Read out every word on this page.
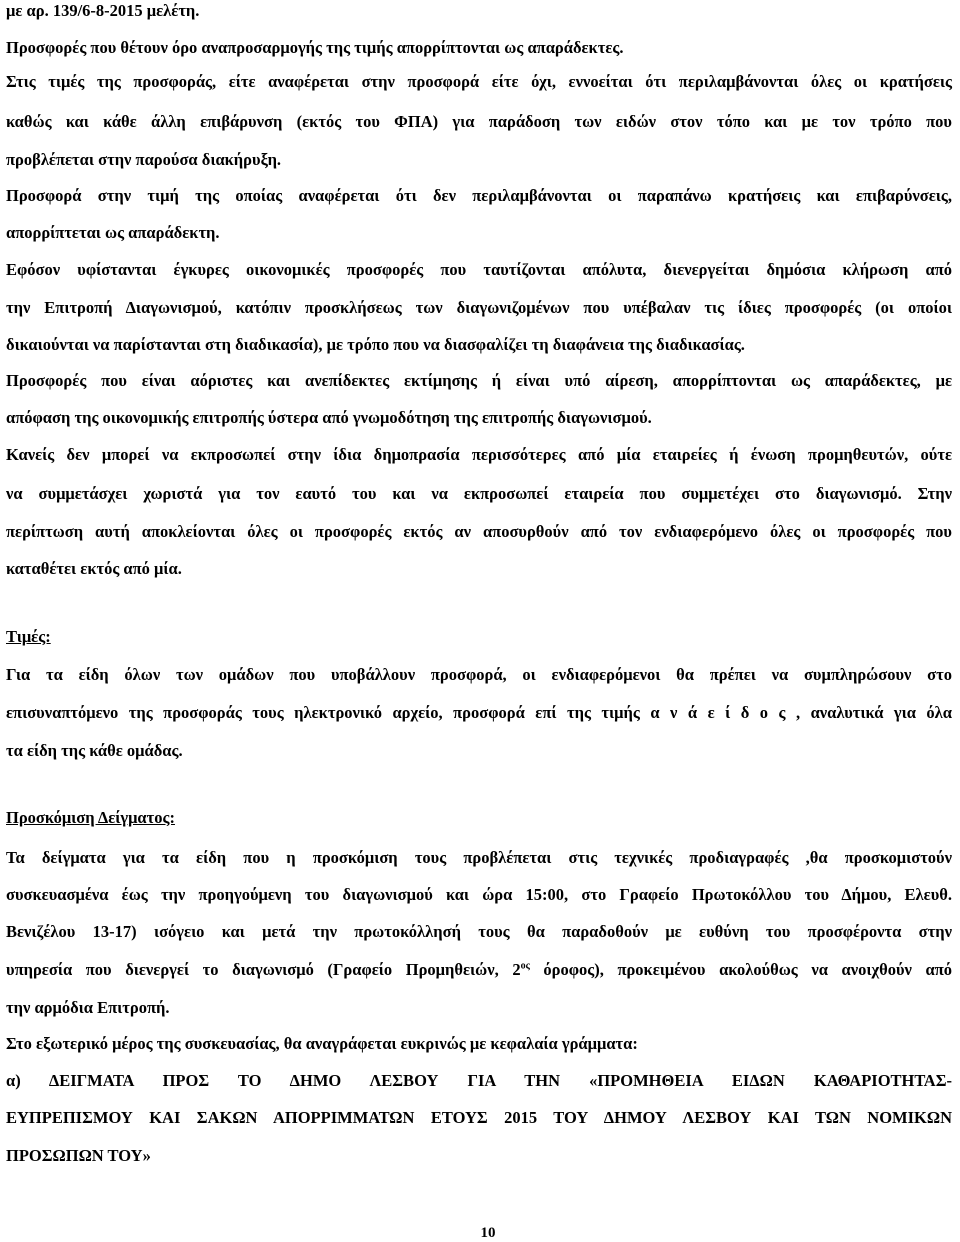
με αρ. 139/6-8-2015 μελέτη.
Προσφορές που θέτουν όρο αναπροσαρμογής της τιμής απορρίπτονται ως απαράδεκτες.
Στις τιμές της προσφοράς, είτε αναφέρεται στην προσφορά είτε όχι, εννοείται ότι περιλαμβάνονται όλες οι κρατήσεις
καθώς και κάθε άλλη επιβάρυνση (εκτός του ΦΠΑ) για παράδοση των ειδών στον τόπο και με τον τρόπο που
προβλέπεται στην παρούσα διακήρυξη.
Προσφορά στην τιμή της οποίας αναφέρεται ότι δεν περιλαμβάνονται οι παραπάνω κρατήσεις και επιβαρύνσεις,
απορρίπτεται ως απαράδεκτη.
Εφόσον υφίστανται έγκυρες οικονομικές προσφορές που ταυτίζονται απόλυτα, διενεργείται δημόσια κλήρωση από
την Επιτροπή Διαγωνισμού, κατόπιν προσκλήσεως των διαγωνιζομένων που υπέβαλαν τις ίδιες προσφορές (οι οποίοι
δικαιούνται να παρίστανται στη διαδικασία), με τρόπο που να διασφαλίζει τη διαφάνεια της διαδικασίας.
Προσφορές που είναι αόριστες και ανεπίδεκτες εκτίμησης ή είναι υπό αίρεση, απορρίπτονται ως απαράδεκτες, με
απόφαση της οικονομικής επιτροπής ύστερα από γνωμοδότηση της επιτροπής διαγωνισμού.
Κανείς δεν μπορεί να εκπροσωπεί στην ίδια δημοπρασία περισσότερες από μία εταιρείες ή ένωση προμηθευτών, ούτε
να συμμετάσχει χωριστά για τον εαυτό του και να εκπροσωπεί εταιρεία που συμμετέχει στο διαγωνισμό. Στην
περίπτωση αυτή αποκλείονται όλες οι προσφορές εκτός αν αποσυρθούν από τον ενδιαφερόμενο όλες οι προσφορές που
καταθέτει εκτός από μία.
Τιμές:
Για τα είδη όλων των ομάδων που υποβάλλουν προσφορά, οι ενδιαφερόμενοι θα πρέπει να συμπληρώσουν στο
επισυναπτόμενο της προσφοράς τους ηλεκτρονικό αρχείο, προσφορά επί της τιμής α ν ά ε ί δ ο ς , αναλυτικά για όλα
τα είδη της κάθε ομάδας.
Προσκόμιση Δείγματος:
Τα δείγματα για τα είδη που η προσκόμιση τους προβλέπεται στις τεχνικές προδιαγραφές ,θα προσκομιστούν
συσκευασμένα έως την προηγούμενη του διαγωνισμού και ώρα 15:00, στο Γραφείο Πρωτοκόλλου του Δήμου, Ελευθ.
Βενιζέλου 13-17) ισόγειο και μετά την πρωτοκόλλησή τους θα παραδοθούν με ευθύνη του προσφέροντα στην
υπηρεσία που διενεργεί το διαγωνισμό (Γραφείο Προμηθειών, $2^{o\varsigma}$ όροφος), προκειμένου ακολούθως να ανοιχθούν από
την αρμόδια Επιτροπή.
Στο εξωτερικό μέρος της συσκευασίας, θα αναγράφεται ευκρινώς με κεφαλαία γράμματα:
α) ΔΕΙΓΜΑΤΑ ΠΡΟΣ ΤΟ ΔΗΜΟ ΛΕΣΒΟΥ ΓΙΑ ΤΗΝ «ΠΡΟΜΗΘΕΙΑ ΕΙΔΩΝ ΚΑΘΑΡΙΟΤΗΤΑΣ-
ΕΥΠΡΕΠΙΣΜΟΥ ΚΑΙ ΣΑΚΩΝ ΑΠΟΡΡΙΜΜΑΤΩΝ ΕΤΟΥΣ 2015 ΤΟΥ ΔΗΜΟΥ ΛΕΣΒΟΥ ΚΑΙ ΤΩΝ ΝΟΜΙΚΩΝ
ΠΡΟΣΩΠΩΝ ΤΟΥ»
10
